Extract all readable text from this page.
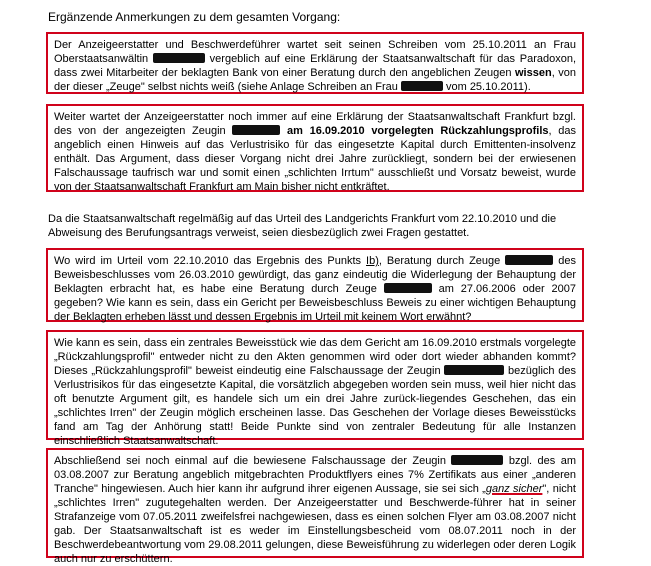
Ergänzende Anmerkungen zu dem gesamten Vorgang:
Der Anzeigeerstatter und Beschwerdeführer wartet seit seinen Schreiben vom 25.10.2011 an Frau Oberstaatsanwältin	vergeblich auf eine Erklärung der Staatsanwaltschaft für das Paradoxon, dass zwei Mitarbeiter der beklagten Bank von einer Beratung durch den angeblichen Zeugen wissen, von der dieser „Zeuge" selbst nichts weiß (siehe Anlage Schreiben an Frau	vom 25.10.2011).
Weiter wartet der Anzeigeerstatter noch immer auf eine Erklärung der Staatsanwaltschaft Frankfurt bzgl. des von der angezeigten Zeugin	am 16.09.2010 vorgelegten Rückzahlungsprofils, das angeblich einen Hinweis auf das Verlustrisiko für das eingesetzte Kapital durch Emittenten-insolvenz enthält. Das Argument, dass dieser Vorgang nicht drei Jahre zurückliegt, sondern bei der erwiesenen Falschaussage taufrisch war und somit einen „schlichten Irrtum" ausschließt und Vorsatz beweist, wurde von der Staatsanwaltschaft Frankfurt am Main bisher nicht entkräftet.
Da die Staatsanwaltschaft regelmäßig auf das Urteil des Landgerichts Frankfurt vom 22.10.2010 und die Abweisung des Berufungsantrags verweist, seien diesbezüglich zwei Fragen gestattet.
Wo wird im Urteil vom 22.10.2010 das Ergebnis des Punkts Ib), Beratung durch Zeuge	des Beweisbeschlusses vom 26.03.2010 gewürdigt, das ganz eindeutig die Widerlegung der Behauptung der Beklagten erbracht hat, es habe eine Beratung durch Zeuge	am 27.06.2006 oder 2007 gegeben? Wie kann es sein, dass ein Gericht per Beweisbeschluss Beweis zu einer wichtigen Behauptung der Beklagten erheben lässt und dessen Ergebnis im Urteil mit keinem Wort erwähnt?
Wie kann es sein, dass ein zentrales Beweisstück wie das dem Gericht am 16.09.2010 erstmals vorgelegte „Rückzahlungsprofil" entweder nicht zu den Akten genommen wird oder dort wieder abhanden kommt? Dieses „Rückzahlungsprofil" beweist eindeutig eine Falschaussage der Zeugin	bezüglich des Verlustrisikos für das eingesetzte Kapital, die vorsätzlich abgegeben worden sein muss, weil hier nicht das oft benutzte Argument gilt, es handele sich um ein drei Jahre zurück-liegendes Geschehen, das ein „schlichtes Irren" der Zeugin möglich erscheinen lasse. Das Geschehen der Vorlage dieses Beweisstücks fand am Tag der Anhörung statt! Beide Punkte sind von zentraler Bedeutung für alle Instanzen einschließlich Staatsanwaltschaft.
Abschließend sei noch einmal auf die bewiesene Falschaussage der Zeugin	bzgl. des am 03.08.2007 zur Beratung angeblich mitgebrachten Produktflyers eines 7% Zertifikats aus einer „anderen Tranche" hingewiesen. Auch hier kann ihr aufgrund ihrer eigenen Aussage, sie sei sich „ganz sicher", nicht „schlichtes Irren" zugutegehalten werden. Der Anzeigeerstatter und Beschwerde-führer hat in seiner Strafanzeige vom 07.05.2011 zweifelsfrei nachgewiesen, dass es einen solchen Flyer am 03.08.2007 nicht gab. Der Staatsanwaltschaft ist es weder im Einstellungsbescheid vom 08.07.2011 noch in der Beschwerdebeantwortung vom 29.08.2011 gelungen, diese Beweisführung zu widerlegen oder deren Logik auch nur zu erschüttern.
